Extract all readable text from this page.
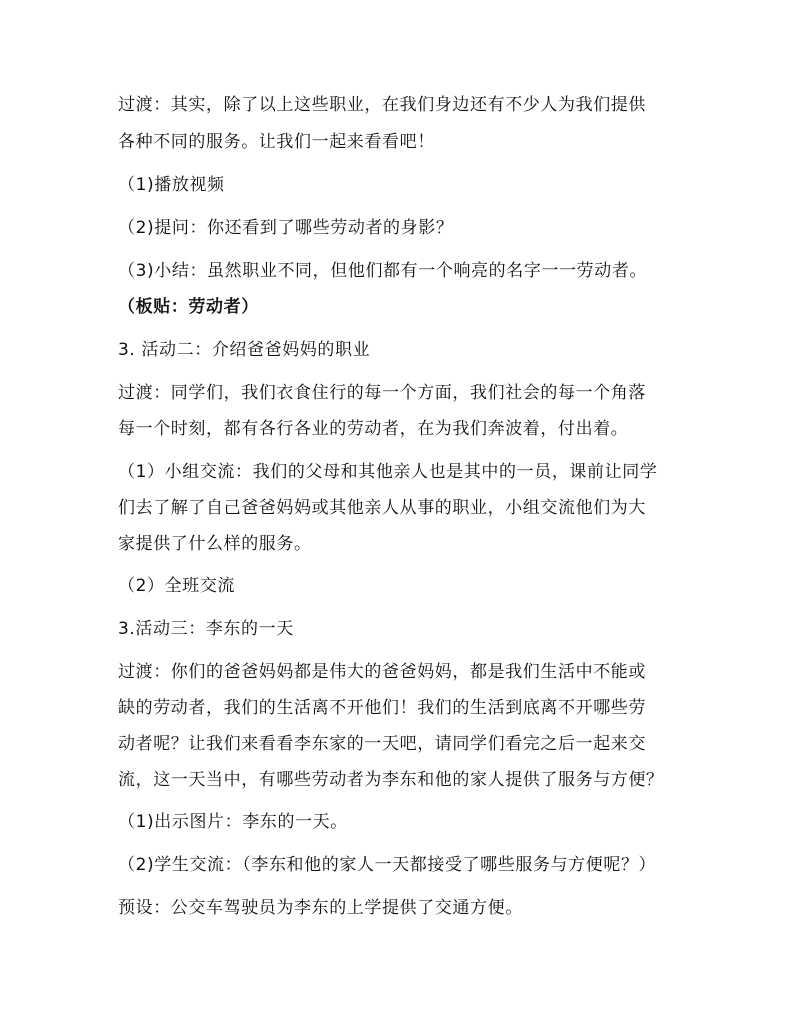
过渡：其实，除了以上这些职业，在我们身边还有不少人为我们提供
各种不同的服务。让我们一起来看看吧！
（1)播放视频
（2)提问：你还看到了哪些劳动者的身影？
（3)小结：虽然职业不同，但他们都有一个响亮的名字一一劳动者。
（板贴：劳动者）
3. 活动二：介绍爸爸妈妈的职业
过渡：同学们，我们衣食住行的每一个方面，我们社会的每一个角落
每一个时刻，都有各行各业的劳动者，在为我们奔波着，付出着。
（1）小组交流：我们的父母和其他亲人也是其中的一员，课前让同学
们去了解了自己爸爸妈妈或其他亲人从事的职业，小组交流他们为大
家提供了什么样的服务。
（2）全班交流
3.活动三：李东的一天
过渡：你们的爸爸妈妈都是伟大的爸爸妈妈，都是我们生活中不能或
缺的劳动者，我们的生活离不开他们！我们的生活到底离不开哪些劳
动者呢？让我们来看看李东家的一天吧，请同学们看完之后一起来交
流，这一天当中，有哪些劳动者为李东和他的家人提供了服务与方便？
（1)出示图片：李东的一天。
（2)学生交流：（李东和他的家人一天都接受了哪些服务与方便呢？）
预设：公交车驾驶员为李东的上学提供了交通方便。
